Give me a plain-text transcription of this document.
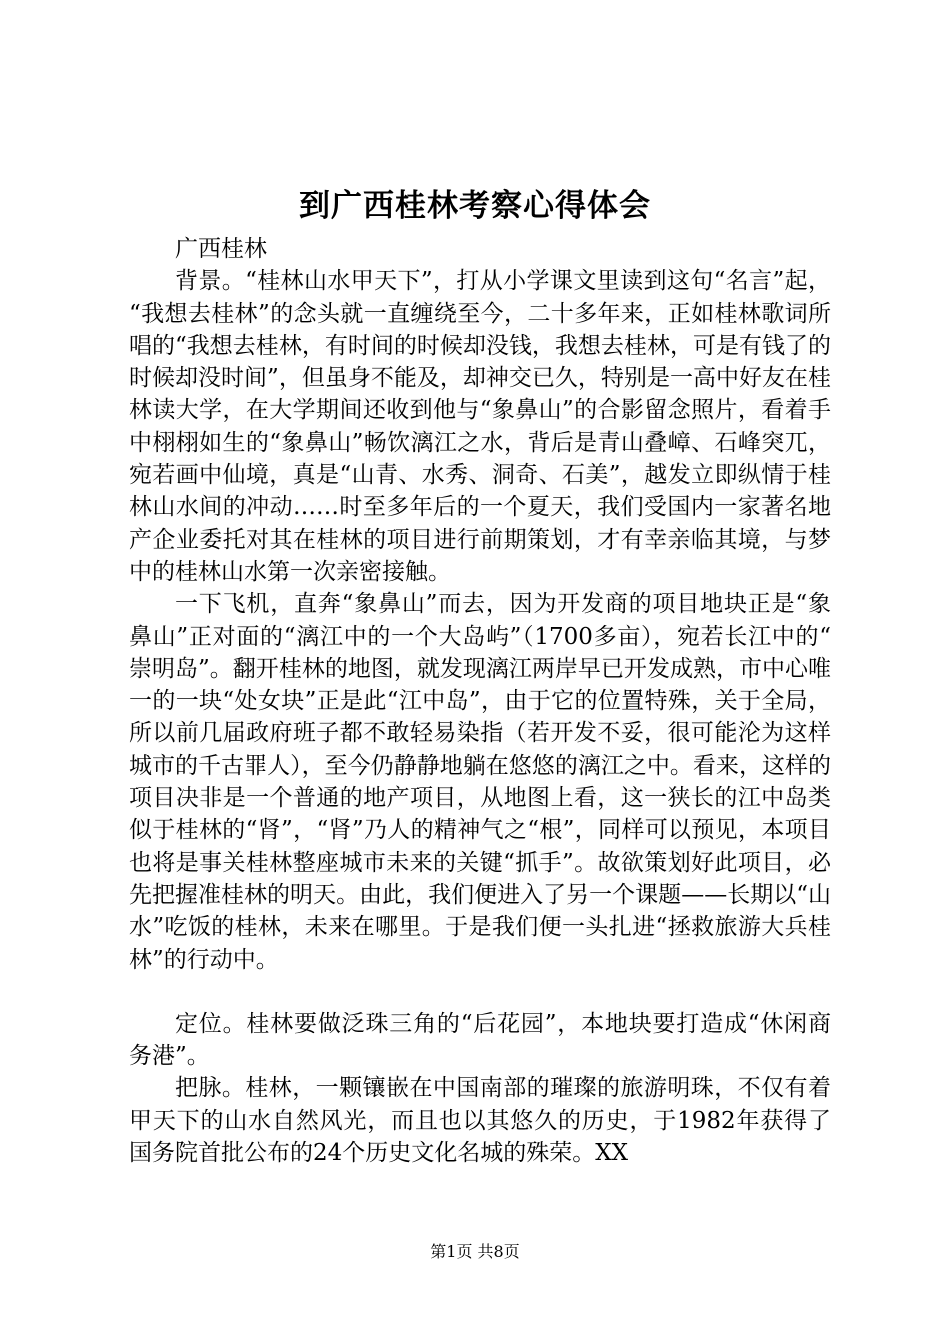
到广西桂林考察心得体会

广西桂林

背景。“桂林山水甲天下”，打从小学课文里读到这句“名言”起，“我想去桂林”的念头就一直缠绕至今，二十多年来，正如桂林歌词所唱的“我想去桂林，有时间的时候却没钱，我想去桂林，可是有钱了的时候却没时间”，但虽身不能及，却神交已久，特别是一高中好友在桂林读大学，在大学期间还收到他与“象鼻山”的合影留念照片，看着手中栩栩如生的“象鼻山”畅饮漓江之水，背后是青山叠嶂、石峰突兀，宛若画中仙境，真是“山青、水秀、洞奇、石美”，越发立即纵情于桂林山水间的冲动……时至多年后的一个夏天，我们受国内一家著名地产企业委托对其在桂林的项目进行前期策划，才有幸亲临其境，与梦中的桂林山水第一次亲密接触。

一下飞机，直奔“象鼻山”而去，因为开发商的项目地块正是“象鼻山”正对面的“漓江中的一个大岛屿”（1700多亩），宛若长江中的“崇明岛”。翻开桂林的地图，就发现漓江两岸早已开发成熟，市中心唯一的一块“处女块”正是此“江中岛”，由于它的位置特殊，关于全局，所以前几届政府班子都不敢轻易染指（若开发不妥，很可能沦为这样城市的千古罪人），至今仍静静地躺在悠悠的漓江之中。看来，这样的项目决非是一个普通的地产项目，从地图上看，这一狭长的江中岛类似于桂林的“肾”，“肾”乃人的精神气之“根”，同样可以预见，本项目也将是事关桂林整座城市未来的关键“抓手”。故欲策划好此项目，必先把握准桂林的明天。由此，我们便进入了另一个课题——长期以“山水”吃饭的桂林，未来在哪里。于是我们便一头扎进“拯救旅游大兵桂林”的行动中。

定位。桂林要做泛珠三角的“后花园”，本地块要打造成“休闲商务港”。

把脉。桂林，一颗镶嵌在中国南部的璀璨的旅游明珠，不仅有着甲天下的山水自然风光，而且也以其悠久的历史，于1982年获得了国务院首批公布的24个历史文化名城的殊荣。XX

第1页 共8页
